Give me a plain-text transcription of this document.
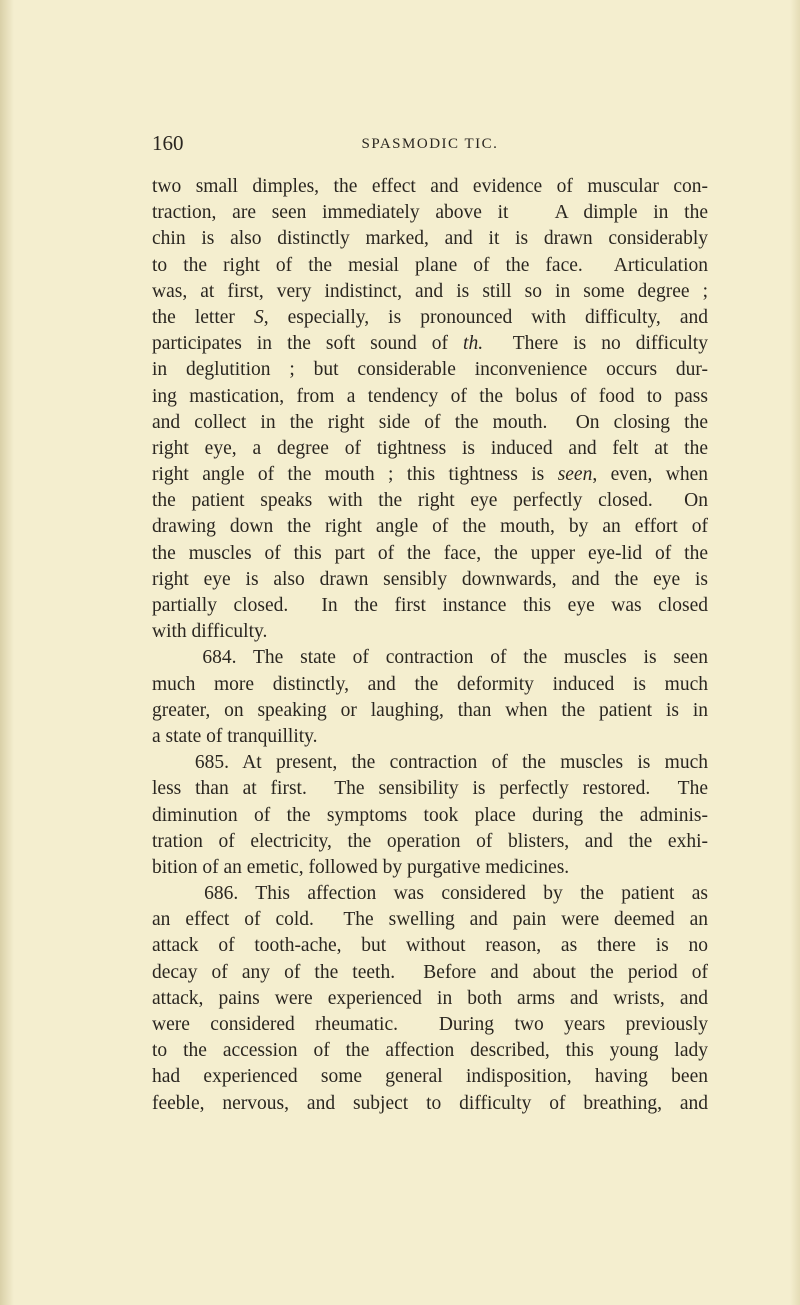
160	SPASMODIC TIC.
two small dimples, the effect and evidence of muscular con-
traction, are seen immediately above it   A dimple in the
chin is also distinctly marked, and it is drawn considerably
to the right of the mesial plane of the face.  Articulation
was, at first, very indistinct, and is still so in some degree ;
the letter S, especially, is pronounced with difficulty, and
participates in the soft sound of th.  There is no difficulty
in deglutition ; but considerable inconvenience occurs dur-
ing mastication, from a tendency of the bolus of food to pass
and collect in the right side of the mouth.  On closing the
right eye, a degree of tightness is induced and felt at the
right angle of the mouth ; this tightness is seen, even, when
the patient speaks with the right eye perfectly closed.  On
drawing down the right angle of the mouth, by an effort of
the muscles of this part of the face, the upper eye-lid of the
right eye is also drawn sensibly downwards, and the eye is
partially closed.  In the first instance this eye was closed
with difficulty.
684. The state of contraction of the muscles is seen
much more distinctly, and the deformity induced is much
greater, on speaking or laughing, than when the patient is in
a state of tranquillity.
685. At present, the contraction of the muscles is much
less than at first.  The sensibility is perfectly restored.  The
diminution of the symptoms took place during the adminis-
tration of electricity, the operation of blisters, and the exhi-
bition of an emetic, followed by purgative medicines.
686. This affection was considered by the patient as
an effect of cold.  The swelling and pain were deemed an
attack of tooth-ache, but without reason, as there is no
decay of any of the teeth.  Before and about the period of
attack, pains were experienced in both arms and wrists, and
were considered rheumatic.  During two years previously
to the accession of the affection described, this young lady
had experienced some general indisposition, having been
feeble, nervous, and subject to difficulty of breathing, and
